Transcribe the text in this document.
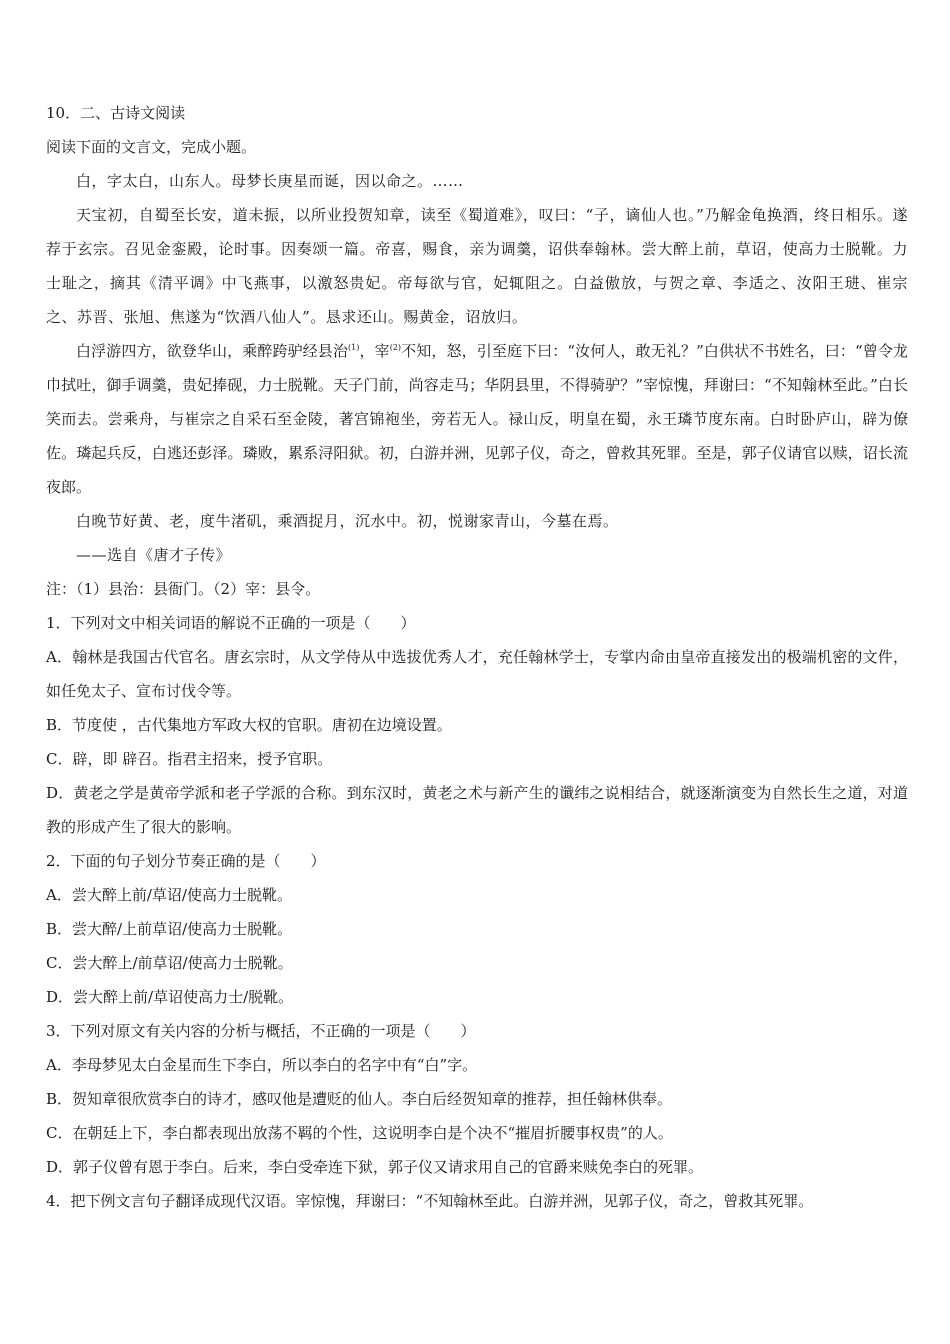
10．二、古诗文阅读
阅读下面的文言文，完成小题。
白，字太白，山东人。母梦长庚星而诞，因以命之。……
天宝初，自蜀至长安，道未振，以所业投贺知章，读至《蜀道难》，叹曰：“子，谪仙人也。”乃解金龟换酒，终日相乐。遂荐于玄宗。召见金銮殿，论时事。因奏颂一篇。帝喜，赐食，亲为调羹，诏供奉翰林。尝大醉上前，草诏，使高力士脱靴。力士耻之，摘其《清平调》中飞燕事，以激怒贵妃。帝每欲与官，妃辄阻之。白益傲放，与贺之章、李适之、汝阳王琎、崔宗之、苏晋、张旭、焦遂为“饮酒八仙人”。恳求还山。赐黄金，诏放归。
白浮游四方，欲登华山，乘醉跨驴经县治$^{(1)}$，宰$^{(2)}$不知，怒，引至庭下曰：“汝何人，敢无礼？”白供状不书姓名，曰：“曾令龙巾拭吐，御手调羹，贵妃捧砚，力士脱靴。天子门前，尚容走马；华阴县里，不得骑驴？”宰惊愧，拜谢曰：“不知翰林至此。”白长笑而去。尝乘舟，与崔宗之自采石至金陵，著宫锦袍坐，旁若无人。禄山反，明皇在蜀，永王璘节度东南。白时卧庐山，辟为僚佐。璘起兵反，白逃还彭泽。璘败，累系浔阳狱。初，白游并洲，见郭子仪，奇之，曾救其死罪。至是，郭子仪请官以赎，诏长流夜郎。
白晚节好黄、老，度牛渚矶，乘酒捉月，沉水中。初，悦谢家青山，今墓在焉。
——选自《唐才子传》
注：（1）县治：县衙门。（2）宰：县令。
1．下列对文中相关词语的解说不正确的一项是（　　）
A．翰林是我国古代官名。唐玄宗时，从文学侍从中选拔优秀人才，充任翰林学士，专掌内命由皇帝直接发出的极端机密的文件，如任免太子、宣布讨伐令等。
B．节度使 ，古代集地方军政大权的官职。唐初在边境设置。
C．辟，即 辟召。指君主招来，授予官职。
D．黄老之学是黄帝学派和老子学派的合称。到东汉时，黄老之术与新产生的谶纬之说相结合，就逐渐演变为自然长生之道，对道教的形成产生了很大的影响。
2．下面的句子划分节奏正确的是（　　）
A．尝大醉上前/草诏/使高力士脱靴。
B．尝大醉/上前草诏/使高力士脱靴。
C．尝大醉上/前草诏/使高力士脱靴。
D．尝大醉上前/草诏使高力士/脱靴。
3．下列对原文有关内容的分析与概括，不正确的一项是（　　）
A．李母梦见太白金星而生下李白，所以李白的名字中有“白”字。
B．贺知章很欣赏李白的诗才，感叹他是遭贬的仙人。李白后经贺知章的推荐，担任翰林供奉。
C．在朝廷上下，李白都表现出放荡不羁的个性，这说明李白是个决不“摧眉折腰事权贵”的人。
D．郭子仪曾有恩于李白。后来，李白受牵连下狱，郭子仪又请求用自己的官爵来赎免李白的死罪。
4．把下例文言句子翻译成现代汉语。宰惊愧，拜谢曰：“不知翰林至此。白游并洲，见郭子仪，奇之，曾救其死罪。
